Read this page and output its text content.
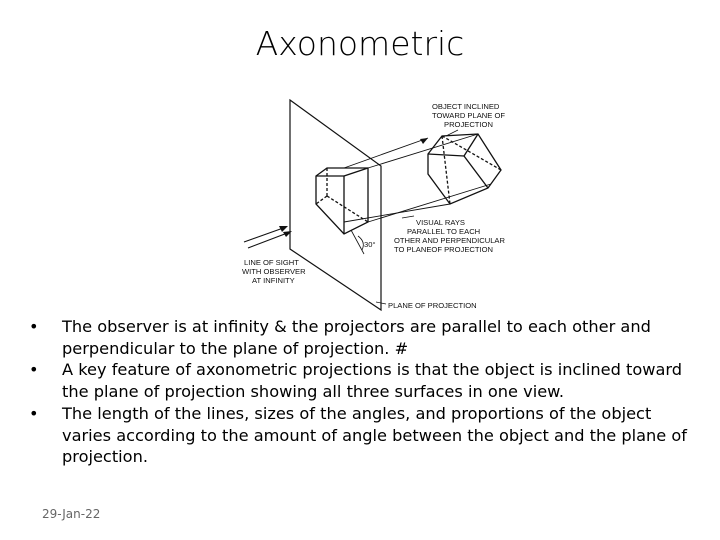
Axonometric
30°
OBJECT INCLINED TOWARD PLANE OF PROJECTION
VISUAL RAYS PARALLEL TO EACH OTHER AND PERPENDICULAR TO PLANEOF PROJECTION
LINE OF SIGHT WITH OBSERVER AT INFINITY
PLANE OF PROJECTION
• The observer is at infinity & the projectors are parallel to each other and perpendicular to the plane of projection. #
• A key feature of axonometric projections is that the object is inclined toward the plane of projection showing all three surfaces in one view.
• The length of the lines, sizes of the angles, and proportions of the object varies according to the amount of angle between the object and the plane of projection.
29-Jan-22
